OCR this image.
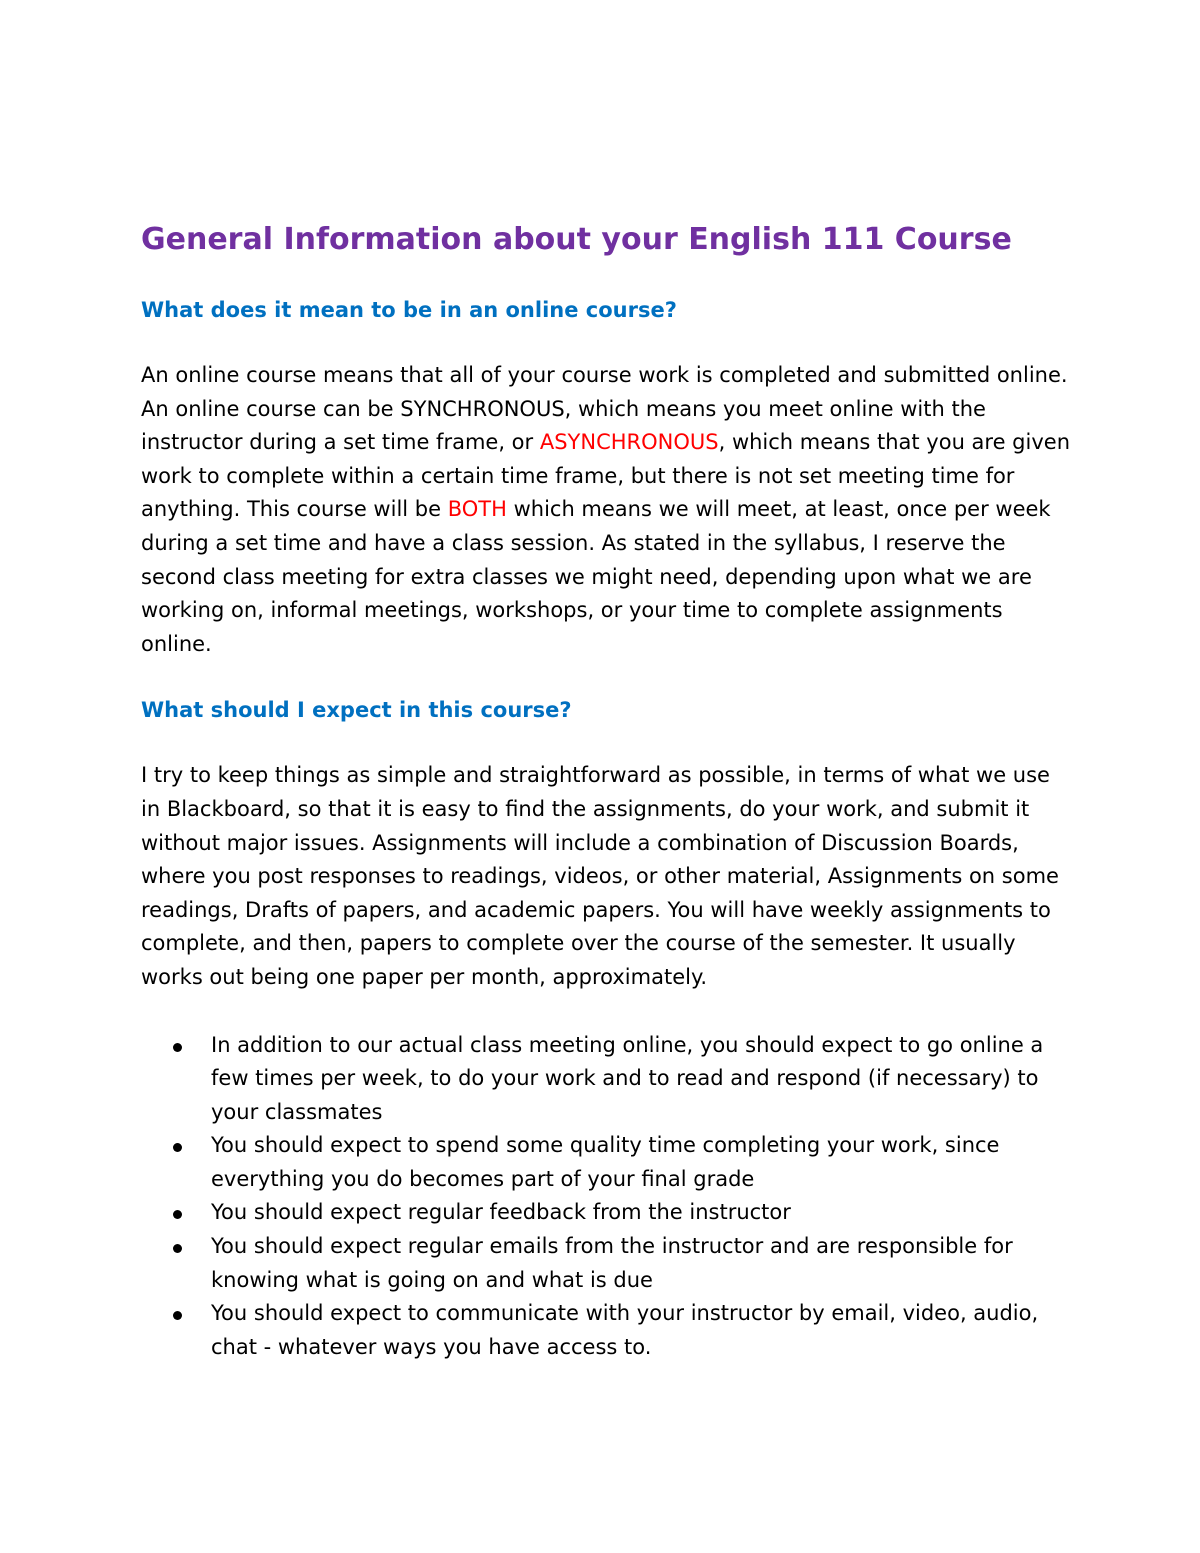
General Information about your English 111 Course
What does it mean to be in an online course?

An online course means that all of your course work is completed and submitted online. An online course can be SYNCHRONOUS, which means you meet online with the instructor during a set time frame, or ASYNCHRONOUS, which means that you are given work to complete within a certain time frame, but there is not set meeting time for anything. This course will be BOTH which means we will meet, at least, once per week during a set time and have a class session. As stated in the syllabus, I reserve the second class meeting for extra classes we might need, depending upon what we are working on, informal meetings, workshops, or your time to complete assignments online.

What should I expect in this course?

I try to keep things as simple and straightforward as possible, in terms of what we use in Blackboard, so that it is easy to find the assignments, do your work, and submit it without major issues. Assignments will include a combination of Discussion Boards, where you post responses to readings, videos, or other material, Assignments on some readings, Drafts of papers, and academic papers. You will have weekly assignments to complete, and then, papers to complete over the course of the semester. It usually works out being one paper per month, approximately.

In addition to our actual class meeting online, you should expect to go online a few times per week, to do your work and to read and respond (if necessary) to your classmates
You should expect to spend some quality time completing your work, since everything you do becomes part of your final grade
You should expect regular feedback from the instructor
You should expect regular emails from the instructor and are responsible for knowing what is going on and what is due
You should expect to communicate with your instructor by email, video, audio, chat - whatever ways you have access to.
